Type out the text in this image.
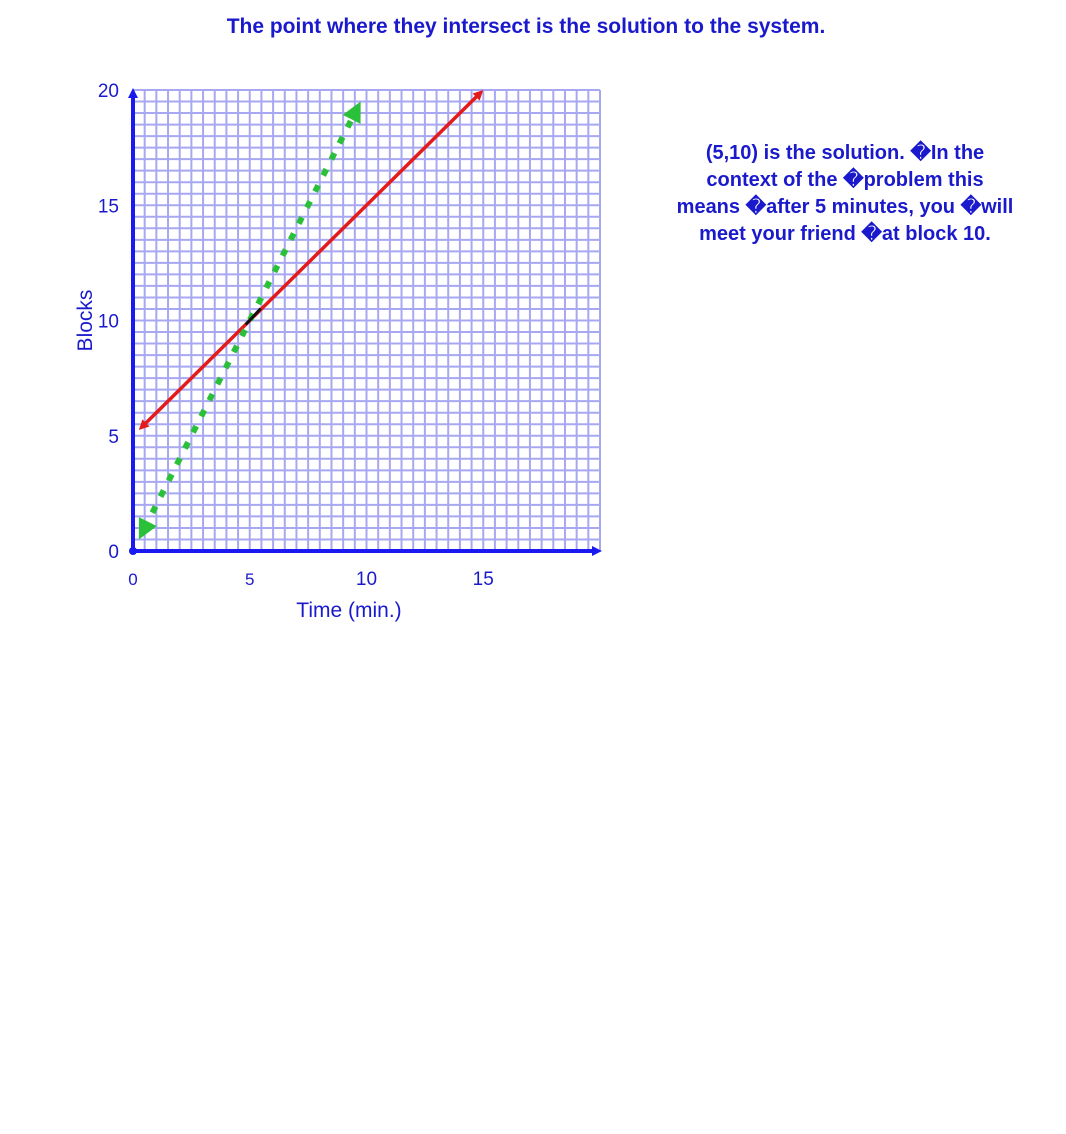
The point where they intersect is the solution to the system.
0	5	10	15
0
5
10
15
20
Time (min.)
Blocks
(5,10) is the solution. �In the context of the �problem this means �after 5 minutes, you �will meet your friend �at block 10.
